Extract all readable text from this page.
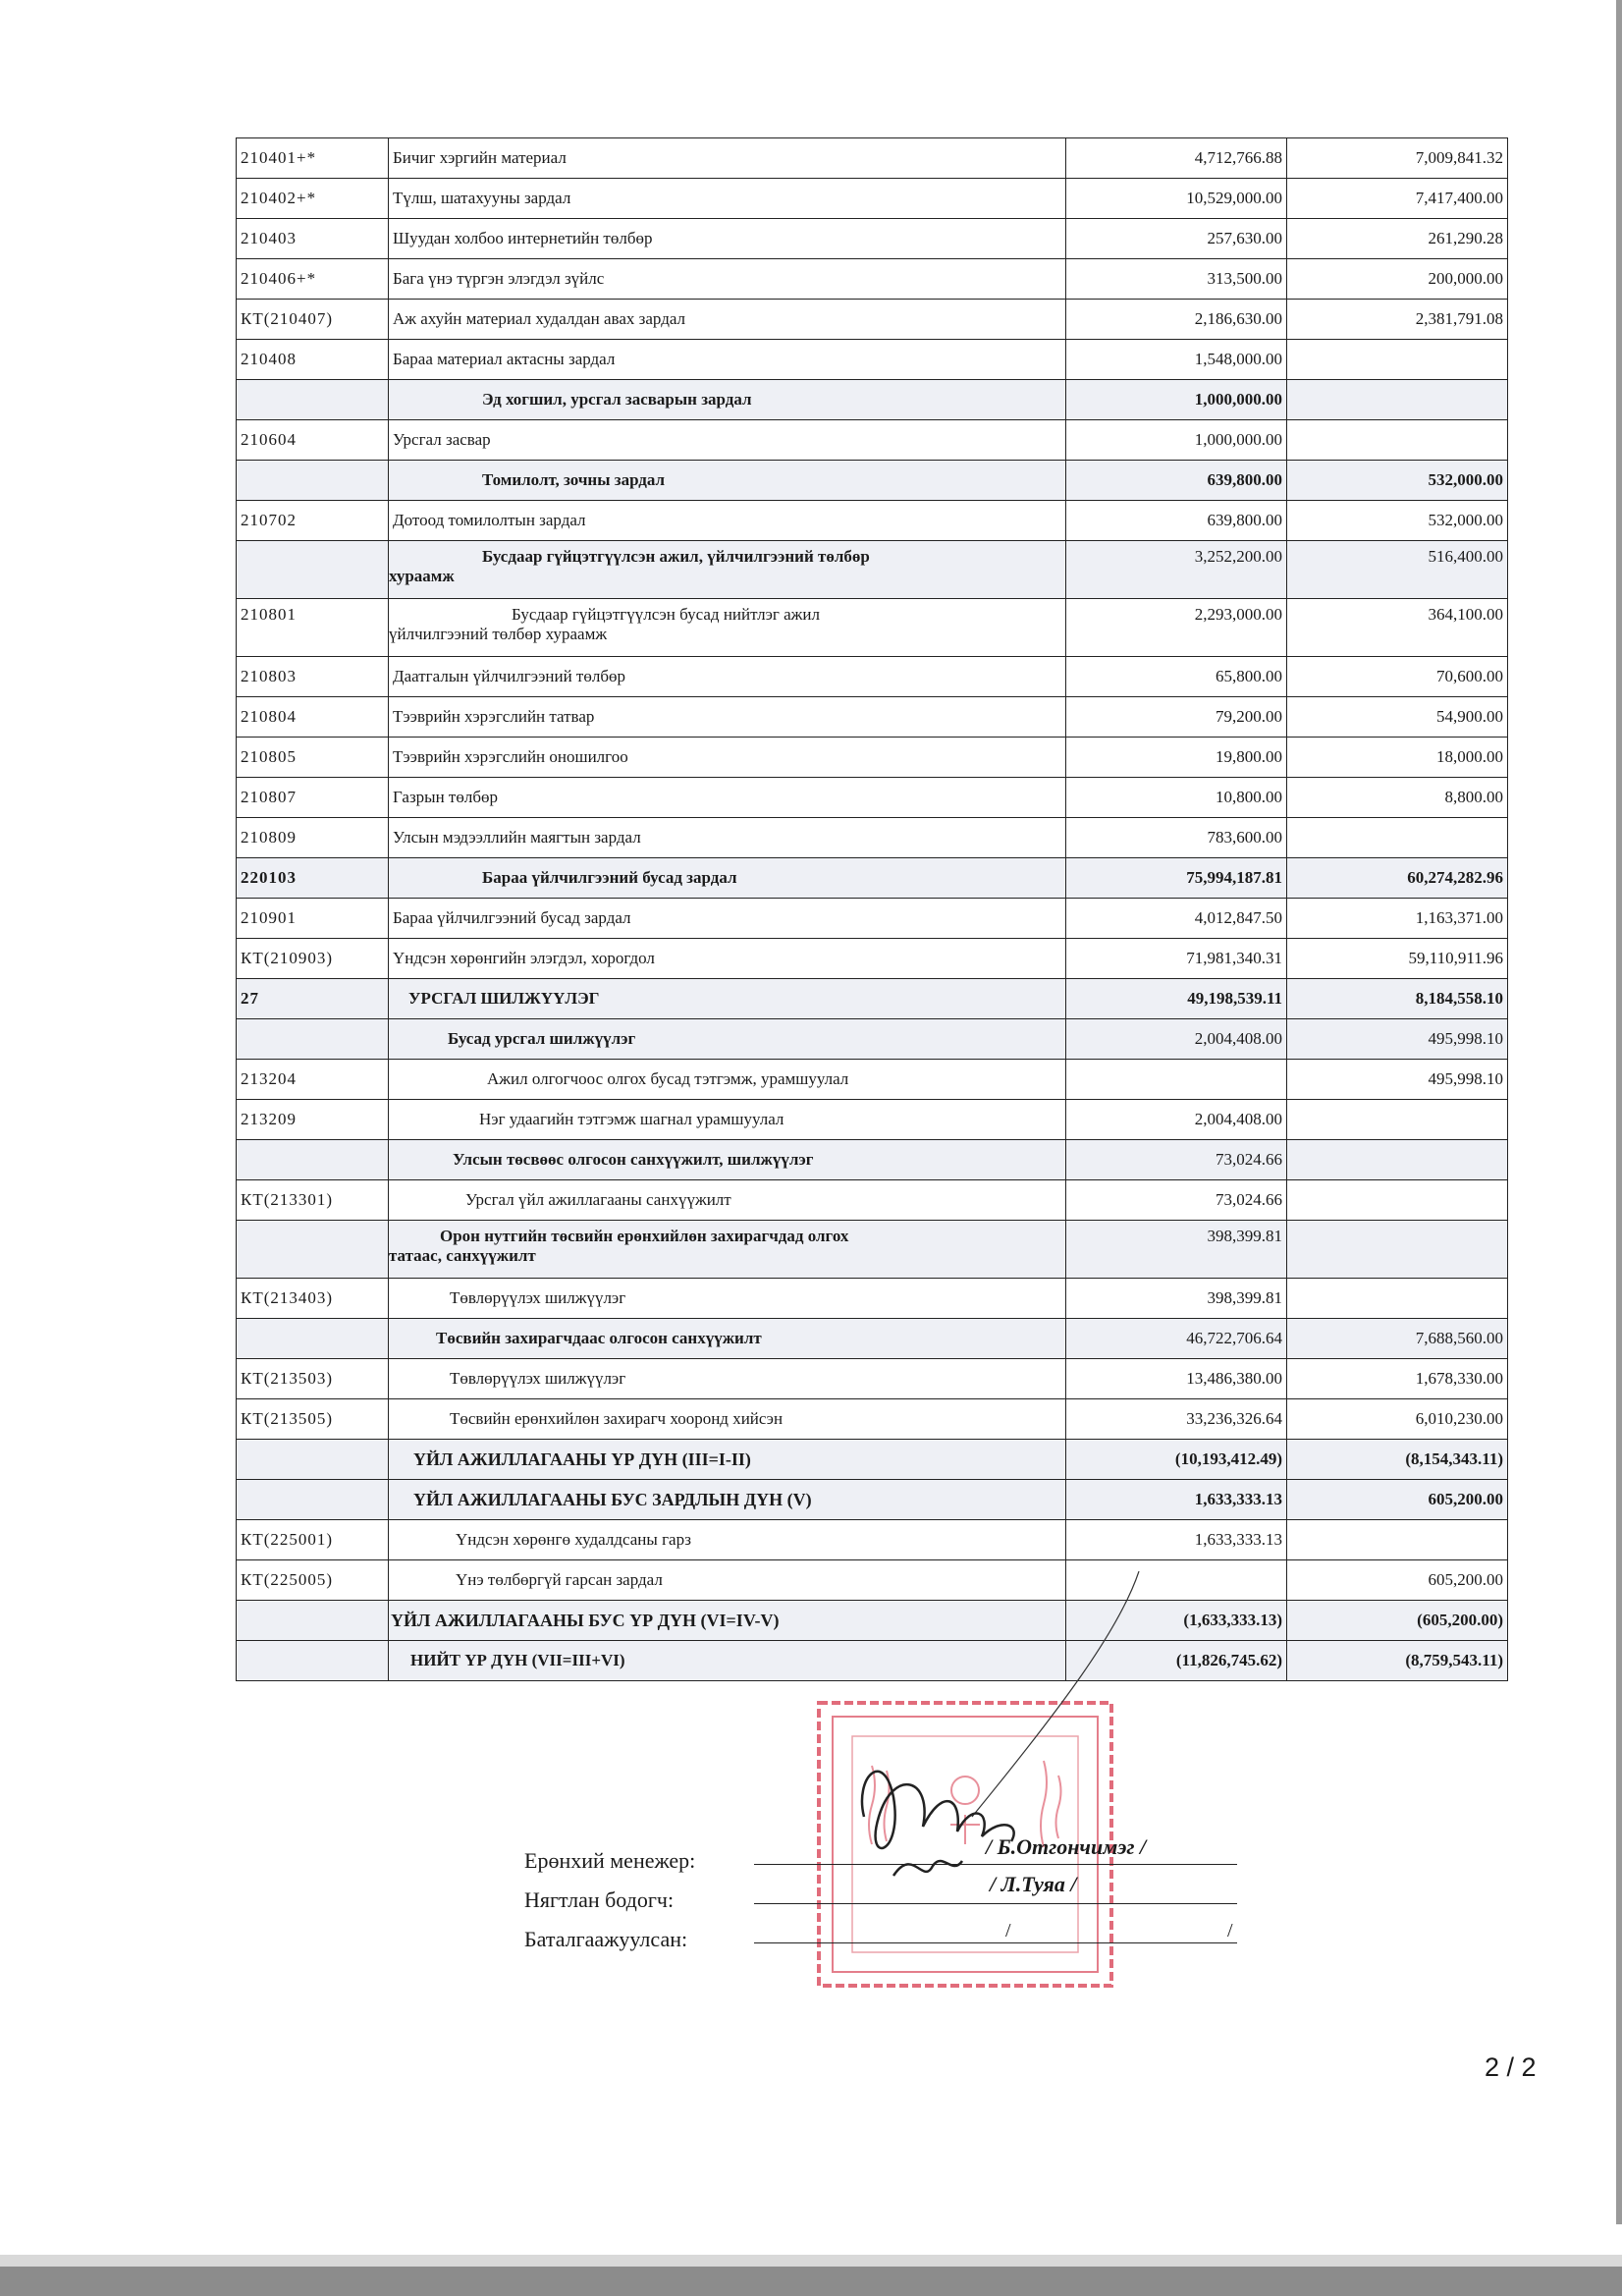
210401+*	Бичиг хэргийн материал	4,712,766.88	7,009,841.32
210402+*	Түлш, шатахууны зардал	10,529,000.00	7,417,400.00
210403	Шуудан холбоо интернетийн төлбөр	257,630.00	261,290.28
210406+*	Бага үнэ түргэн элэгдэл зүйлс	313,500.00	200,000.00
КТ(210407)	Аж ахуйн материал худалдан авах зардал	2,186,630.00	2,381,791.08
210408	Бараа материал актасны зардал	1,548,000.00	
	Эд хогшил, урсгал засварын зардал	1,000,000.00	
210604	Урсгал засвар	1,000,000.00	
	Томилолт, зочны зардал	639,800.00	532,000.00
210702	Дотоод томилолтын зардал	639,800.00	532,000.00
	Бусдаар гүйцэтгүүлсэн ажил, үйлчилгээний төлбөр
хураамж	3,252,200.00	516,400.00
210801	Бусдаар гүйцэтгүүлсэн бусад нийтлэг ажил
үйлчилгээний төлбөр хураамж	2,293,000.00	364,100.00
210803	Даатгалын үйлчилгээний төлбөр	65,800.00	70,600.00
210804	Тээврийн хэрэгслийн татвар	79,200.00	54,900.00
210805	Тээврийн хэрэгслийн оношилгоо	19,800.00	18,000.00
210807	Газрын төлбөр	10,800.00	8,800.00
210809	Улсын мэдээллийн маягтын зардал	783,600.00	
220103	Бараа үйлчилгээний бусад зардал	75,994,187.81	60,274,282.96
210901	Бараа үйлчилгээний бусад зардал	4,012,847.50	1,163,371.00
КТ(210903)	Үндсэн хөрөнгийн элэгдэл, хорогдол	71,981,340.31	59,110,911.96
27	УРСГАЛ ШИЛЖҮҮЛЭГ	49,198,539.11	8,184,558.10
	Бусад урсгал шилжүүлэг	2,004,408.00	495,998.10
213204	Ажил олгогчоос олгох бусад тэтгэмж, урамшуулал		495,998.10
213209	Нэг удаагийн тэтгэмж шагнал урамшуулал	2,004,408.00	
	Улсын төсвөөс олгосон санхүүжилт, шилжүүлэг	73,024.66	
КТ(213301)	Урсгал үйл ажиллагааны санхүүжилт	73,024.66	
	Орон нутгийн төсвийн ерөнхийлөн захирагчдад олгох
татаас, санхүүжилт	398,399.81	
КТ(213403)	Төвлөрүүлэх шилжүүлэг	398,399.81	
	Төсвийн захирагчдаас олгосон санхүүжилт	46,722,706.64	7,688,560.00
КТ(213503)	Төвлөрүүлэх шилжүүлэг	13,486,380.00	1,678,330.00
КТ(213505)	Төсвийн ерөнхийлөн захирагч хооронд хийсэн	33,236,326.64	6,010,230.00
	ҮЙЛ АЖИЛЛАГААНЫ ҮР ДҮН (III=I-II)	(10,193,412.49)	(8,154,343.11)
	ҮЙЛ АЖИЛЛАГААНЫ БУС ЗАРДЛЫН ДҮН (V)	1,633,333.13	605,200.00
КТ(225001)	Үндсэн хөрөнгө худалдсаны гарз	1,633,333.13	
КТ(225005)	Үнэ төлбөргүй гарсан зардал		605,200.00
	ҮЙЛ АЖИЛЛАГААНЫ БУС ҮР ДҮН (VI=IV-V)	(1,633,333.13)	(605,200.00)
	НИЙТ ҮР ДҮН (VII=III+VI)	(11,826,745.62)	(8,759,543.11)
Ерөнхий менежер:
/ Б.Отгончимэг /
Нягтлан бодогч:
/ Л.Туяа /
Баталгаажуулсан:	/	/
2 / 2
